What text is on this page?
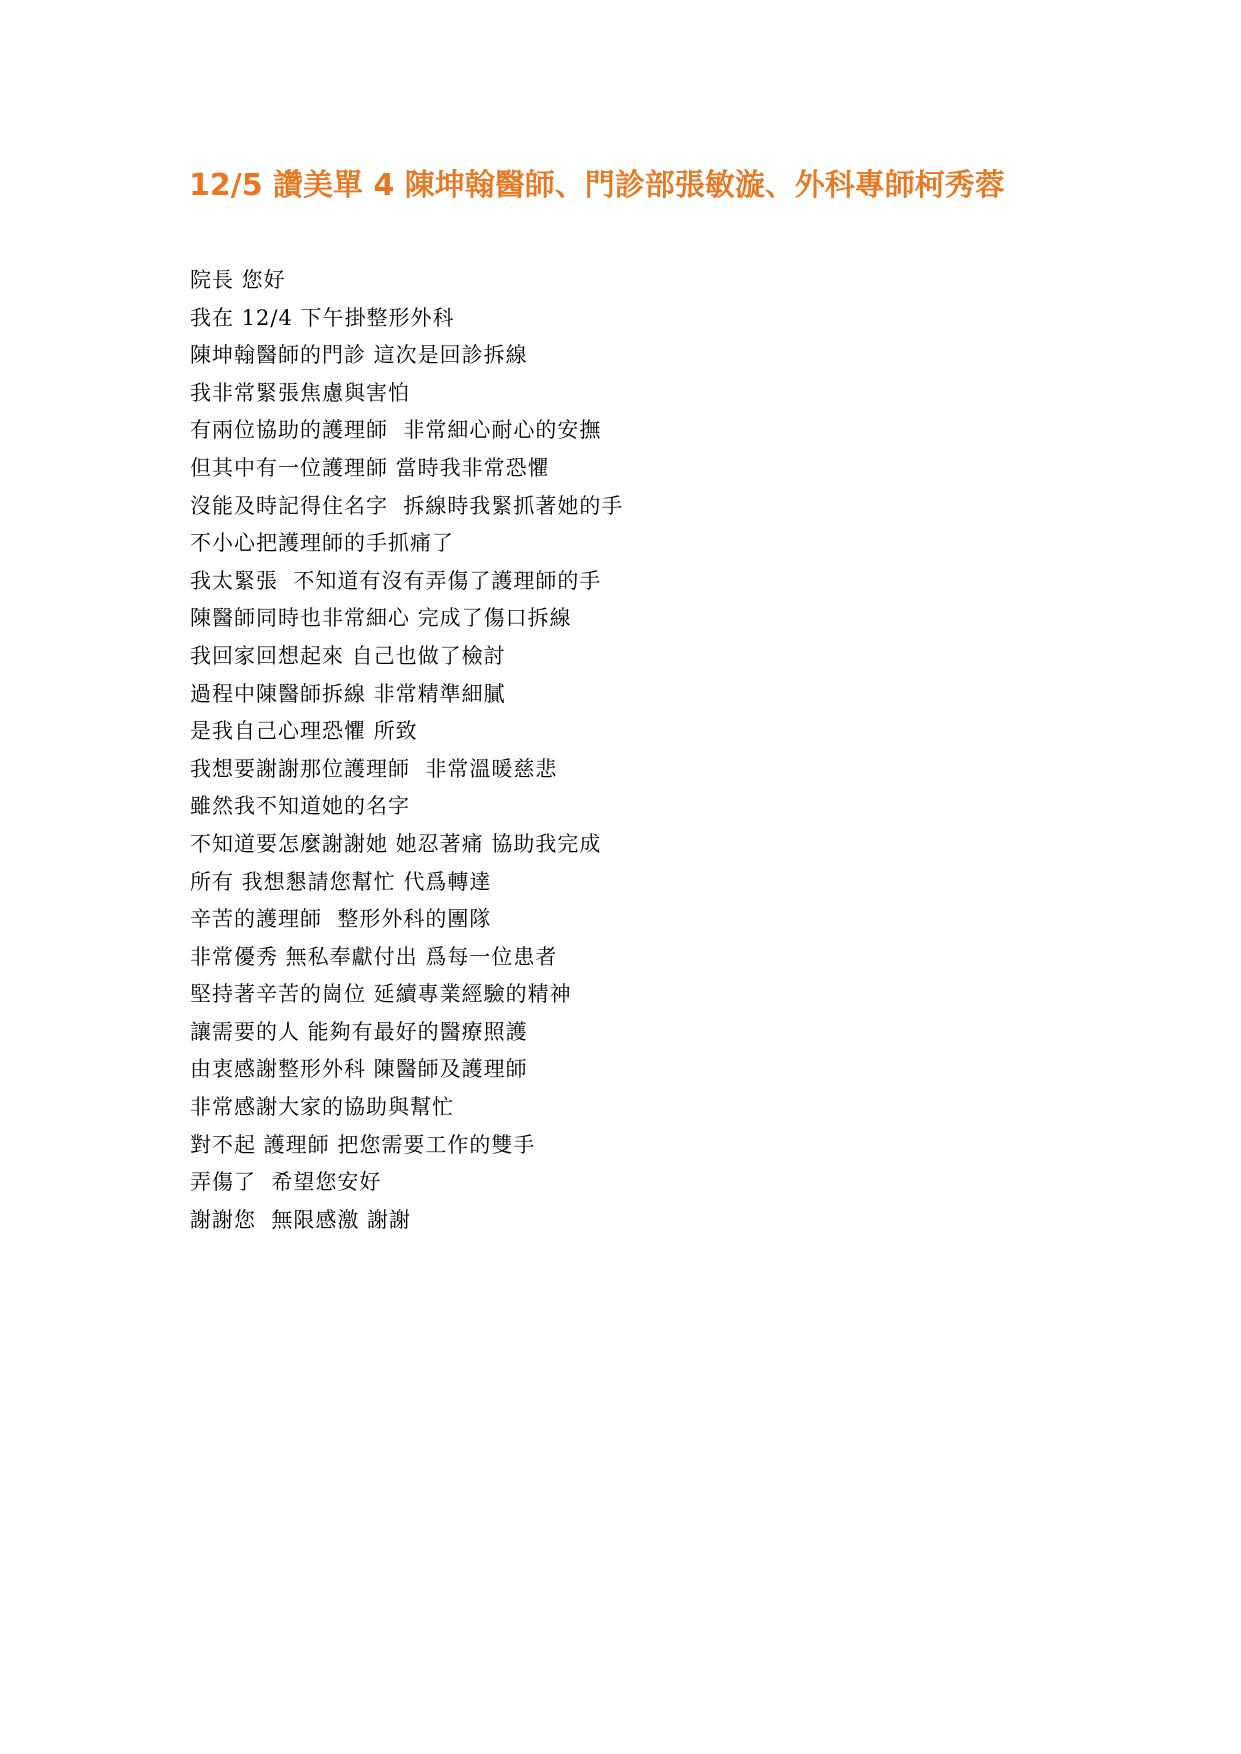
12/5 讚美單 4 陳坤翰醫師、門診部張敏漩、外科專師柯秀蓉
院長 您好
我在 12/4 下午掛整形外科
陳坤翰醫師的門診 這次是回診拆線
我非常緊張焦慮與害怕
有兩位協助的護理師  非常細心耐心的安撫
但其中有一位護理師 當時我非常恐懼
沒能及時記得住名字  拆線時我緊抓著她的手
不小心把護理師的手抓痛了
我太緊張  不知道有沒有弄傷了護理師的手
陳醫師同時也非常細心 完成了傷口拆線
我回家回想起來 自己也做了檢討
過程中陳醫師拆線 非常精準細膩
是我自己心理恐懼 所致
我想要謝謝那位護理師  非常溫暖慈悲
雖然我不知道她的名字
不知道要怎麼謝謝她 她忍著痛 協助我完成
所有 我想懇請您幫忙 代爲轉達
辛苦的護理師  整形外科的團隊
非常優秀 無私奉獻付出 爲每一位患者
堅持著辛苦的崗位 延續專業經驗的精神
讓需要的人 能夠有最好的醫療照護
由衷感謝整形外科 陳醫師及護理師
非常感謝大家的協助與幫忙
對不起 護理師 把您需要工作的雙手
弄傷了  希望您安好
謝謝您  無限感激 謝謝
